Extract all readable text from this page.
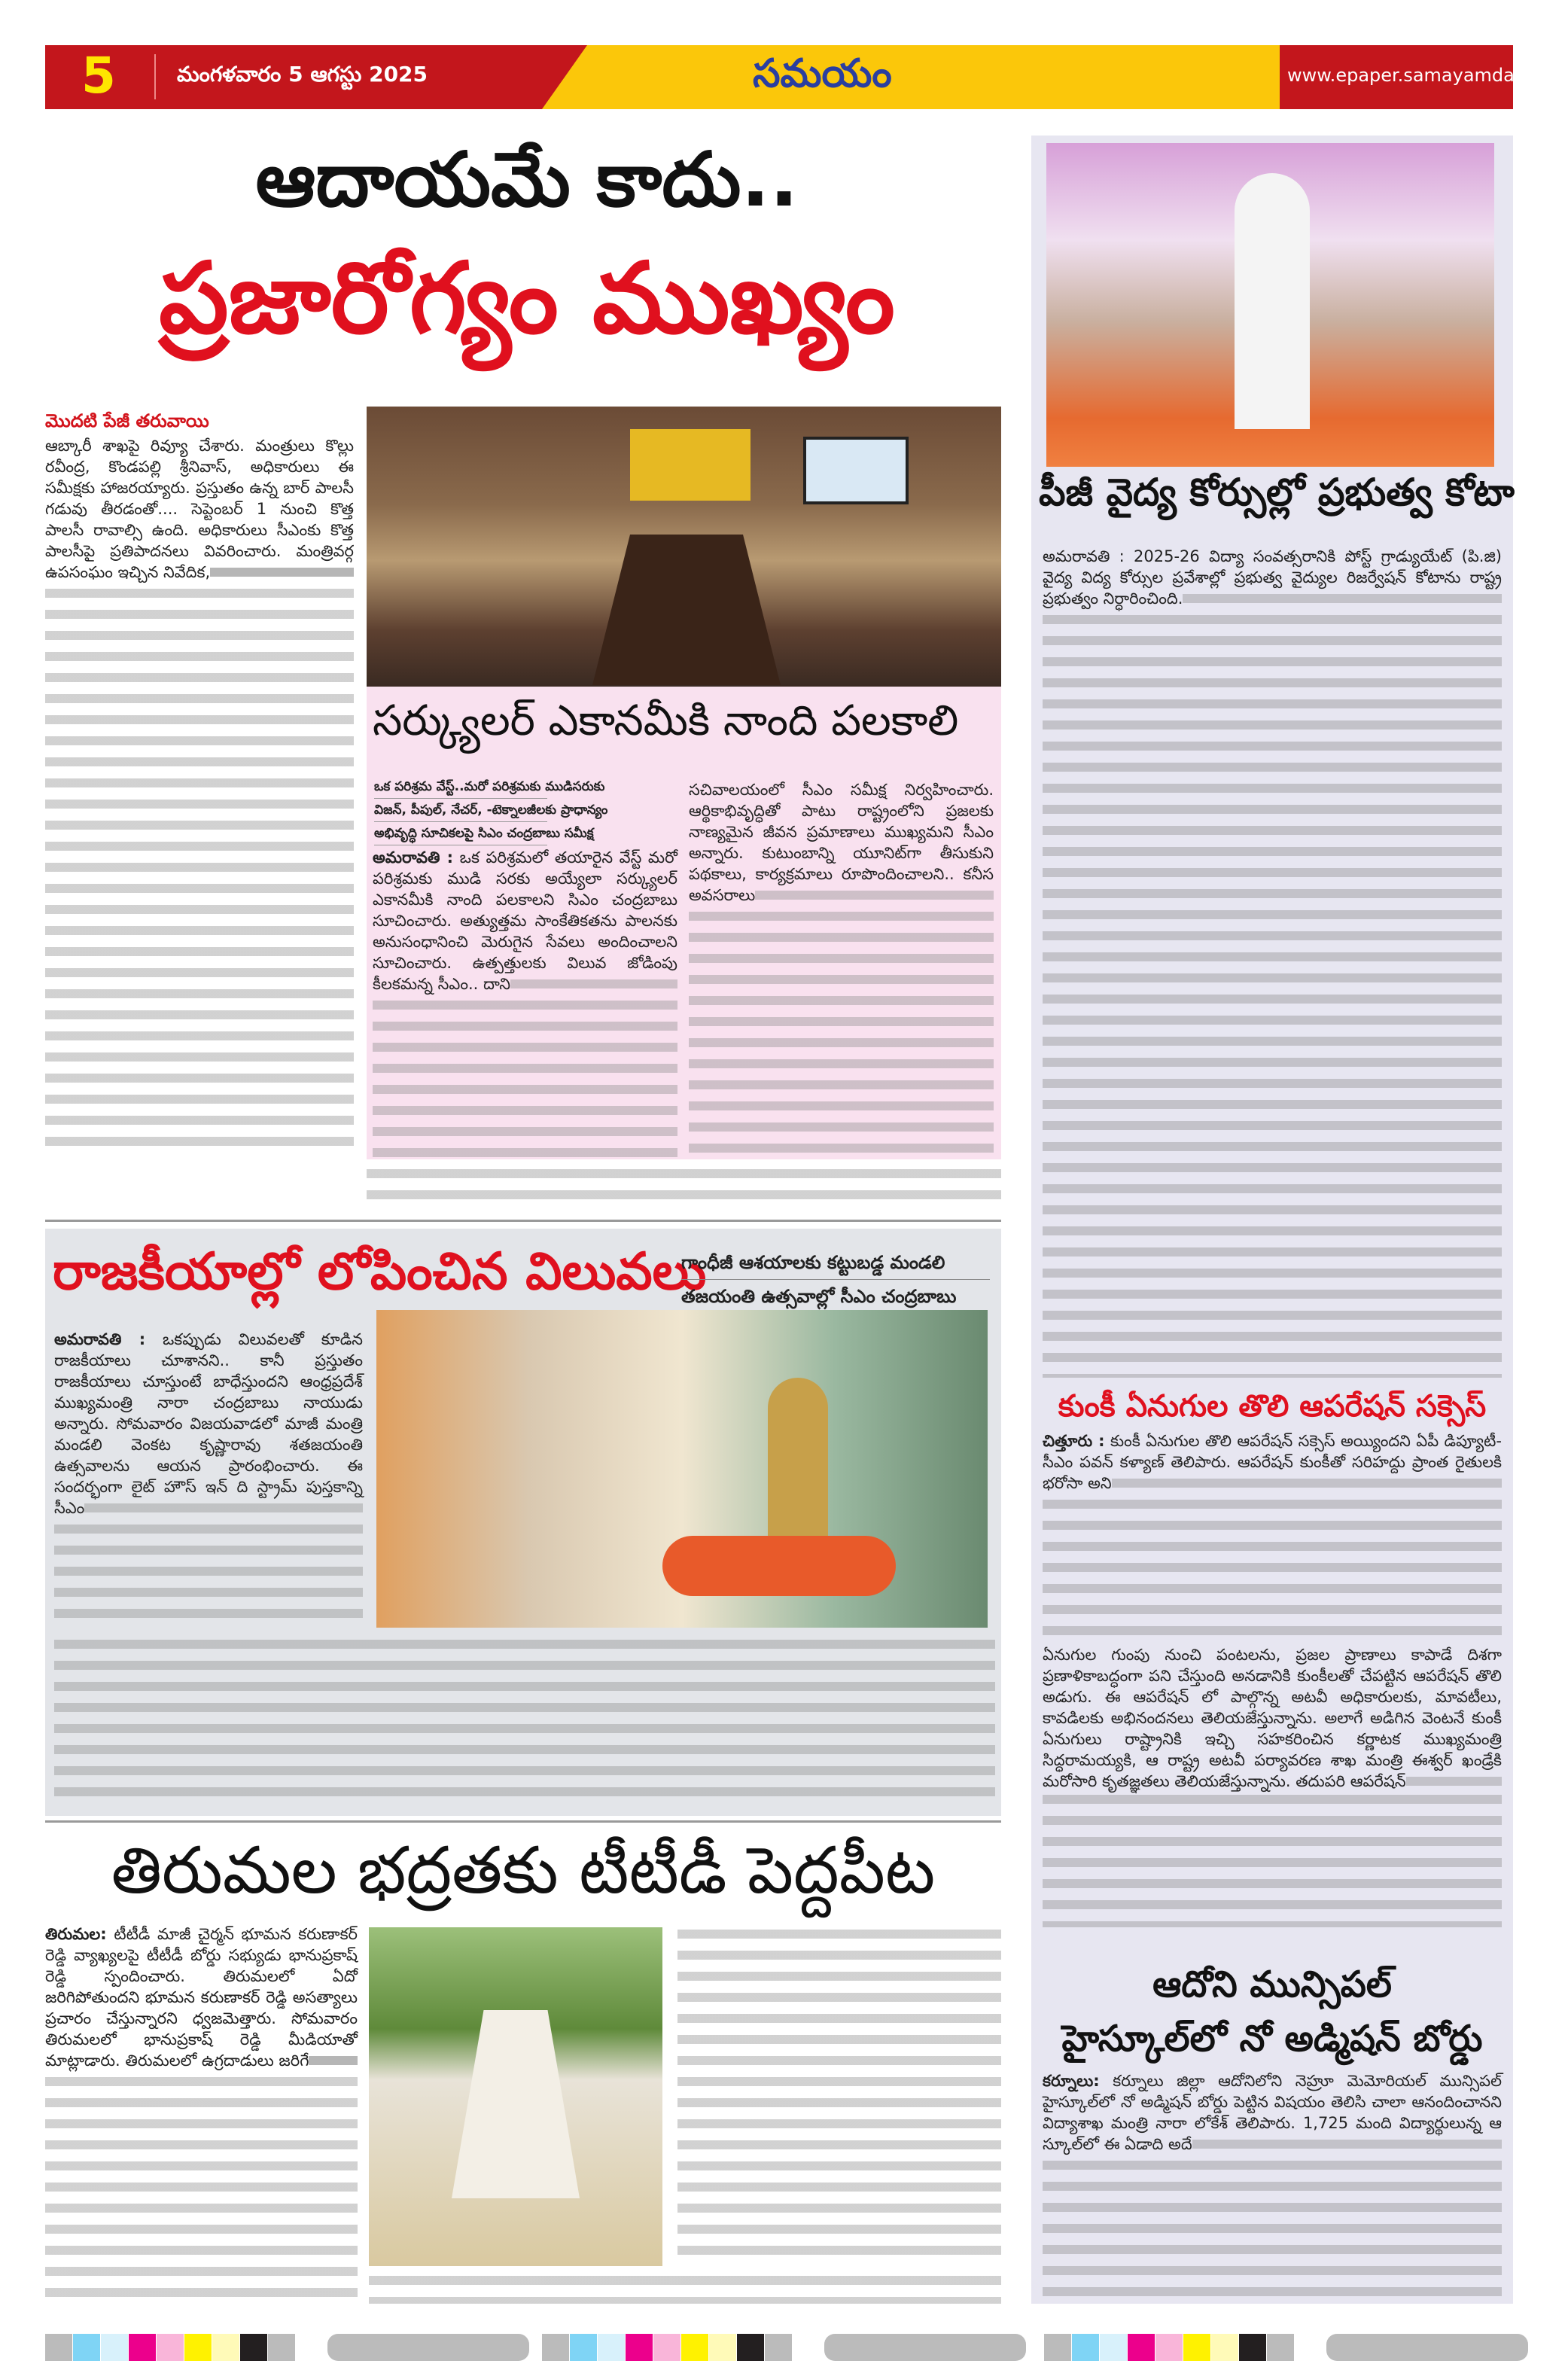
5	మంగళవారం 5 ఆగస్టు 2025	సమయం	www.epaper.samayamdaily.net
ఆదాయమే కాదు..
ప్రజారోగ్యం ముఖ్యం
మొదటి పేజీ తరువాయి

ఆబ్కారీ శాఖపై రివ్యూ చేశారు. మంత్రులు కొల్లు రవీంద్ర, కొండపల్లి శ్రీనివాస్, అధికారులు ఈ సమీక్షకు హాజరయ్యారు. ప్రస్తుతం ఉన్న బార్ పాలసీ గడువు తీరడంతో.... సెప్టెంబర్ 1 నుంచి కొత్త పాలసీ రావాల్సి ఉంది. అధికారులు సీఎంకు కొత్త పాలసీపై ప్రతిపాదనలు వివరించారు. మంత్రివర్గ ఉపసంఘం ఇచ్చిన నివేదిక,

సర్క్యులర్ ఎకానమీకి నాంది పలకాలి
ఒక పరిశ్రమ వేస్ట్..మరో పరిశ్రమకు ముడిసరుకు
విజన్, పీపుల్, నేచర్, -టెక్నాలజీలకు ప్రాధాన్యం
అభివృద్ధి సూచికలపై సిఎం చంద్రబాబు సమీక్ష

అమరావతి : ఒక పరిశ్రమలో తయారైన వేస్ట్ మరో పరిశ్రమకు ముడి సరకు అయ్యేలా సర్క్యులర్ ఎకానమీకి నాంది పలకాలని సిఎం చంద్రబాబు సూచించారు. అత్యుత్తమ సాంకేతికతను పాలనకు అనుసంధానించి మెరుగైన సేవలు అందించాలని సూచించారు. ఉత్పత్తులకు విలువ జోడింపు కీలకమన్న సీఎం.. దాని

సచివాలయంలో సీఎం సమీక్ష నిర్వహించారు. ఆర్థికాభివృద్ధితో పాటు రాష్ట్రంలోని ప్రజలకు నాణ్యమైన జీవన ప్రమాణాలు ముఖ్యమని సీఎం అన్నారు. కుటుంబాన్ని యూనిట్‌గా తీసుకుని పథకాలు, కార్యక్రమాలు రూపొందించాలని.. కనీస అవసరాలు

రాజకీయాల్లో లోపించిన విలువలు
గాంధీజీ ఆశయాలకు కట్టుబడ్డ మండలి
తజయంతి ఉత్సవాల్లో సీఎం చంద్రబాబు

అమరావతి : ఒకప్పుడు విలువలతో కూడిన రాజకీయాలు చూశానని.. కానీ ప్రస్తుతం రాజకీయాలు చూస్తుంటే బాధేస్తుందని ఆంధ్రప్రదేశ్ ముఖ్యమంత్రి నారా చంద్రబాబు నాయుడు అన్నారు. సోమవారం విజయవాడలో మాజీ మంత్రి మండలి వెంకట కృష్ణారావు శతజయంతి ఉత్సవాలను ఆయన ప్రారంభించారు. ఈ సందర్భంగా లైట్ హౌస్ ఇన్ ది స్ట్రామ్ పుస్తకాన్ని సీఎం

తిరుమల భద్రతకు టీటీడీ పెద్దపీట

తిరుమల: టీటీడీ మాజీ చైర్మన్ భూమన కరుణాకర్ రెడ్డి వ్యాఖ్యలపై టీటీడీ బోర్డు సభ్యుడు భానుప్రకాష్ రెడ్డి స్పందించారు. తిరుమలలో ఏదో జరిగిపోతుందని భూమన కరుణాకర్ రెడ్డి అసత్యాలు ప్రచారం చేస్తున్నారని ధ్వజమెత్తారు. సోమవారం తిరుమలలో భానుప్రకాష్ రెడ్డి మీడియాతో మాట్లాడారు. తిరుమలలో ఉగ్రదాడులు జరిగే

పీజీ వైద్య కోర్సుల్లో ప్రభుత్వ కోటా

అమరావతి : 2025-26 విద్యా సంవత్సరానికి పోస్ట్ గ్రాడ్యుయేట్ (పి.జి) వైద్య విద్య కోర్సుల ప్రవేశాల్లో ప్రభుత్వ వైద్యుల రిజర్వేషన్ కోటాను రాష్ట్ర ప్రభుత్వం నిర్ధారించింది.

కుంకీ ఏనుగుల తొలి ఆపరేషన్ సక్సెస్

చిత్తూరు : కుంకీ ఏనుగుల తొలి ఆపరేషన్ సక్సెస్ అయ్యిందని ఏపీ డిప్యూటీ- సీఎం పవన్ కళ్యాణ్ తెలిపారు. ఆపరేషన్ కుంకీతో సరిహద్దు ప్రాంత రైతులకి భరోసా అని

ఏనుగుల గుంపు నుంచి పంటలను, ప్రజల ప్రాణాలు కాపాడే దిశగా ప్రణాళికాబద్ధంగా పని చేస్తుంది అనడానికి కుంకీలతో చేపట్టిన ఆపరేషన్ తొలి అడుగు. ఈ ఆపరేషన్ లో పాల్గొన్న అటవీ అధికారులకు, మావటీలు, కావడిలకు అభినందనలు తెలియజేస్తున్నాను. అలాగే అడిగిన వెంటనే కుంకీ ఏనుగులు రాష్ట్రానికి ఇచ్చి సహకరించిన కర్ణాటక ముఖ్యమంత్రి సిద్ధరామయ్యకి, ఆ రాష్ట్ర అటవీ పర్యావరణ శాఖ మంత్రి ఈశ్వర్ ఖండ్రేకి మరోసారి కృతజ్ఞతలు తెలియజేస్తున్నాను. తదుపరి ఆపరేషన్

ఆదోని మున్సిపల్
హైస్కూల్‌లో నో అడ్మిషన్ బోర్డు

కర్నూలు: కర్నూలు జిల్లా ఆదోనిలోని నెహ్రూ మెమోరియల్ మున్సిపల్ హైస్కూల్‌లో నో అడ్మిషన్ బోర్డు పెట్టిన విషయం తెలిసి చాలా ఆనందించానని విద్యాశాఖ మంత్రి నారా లోకేశ్ తెలిపారు. 1,725 మంది విద్యార్థులున్న ఆ స్కూల్‌లో ఈ ఏడాది అదే
